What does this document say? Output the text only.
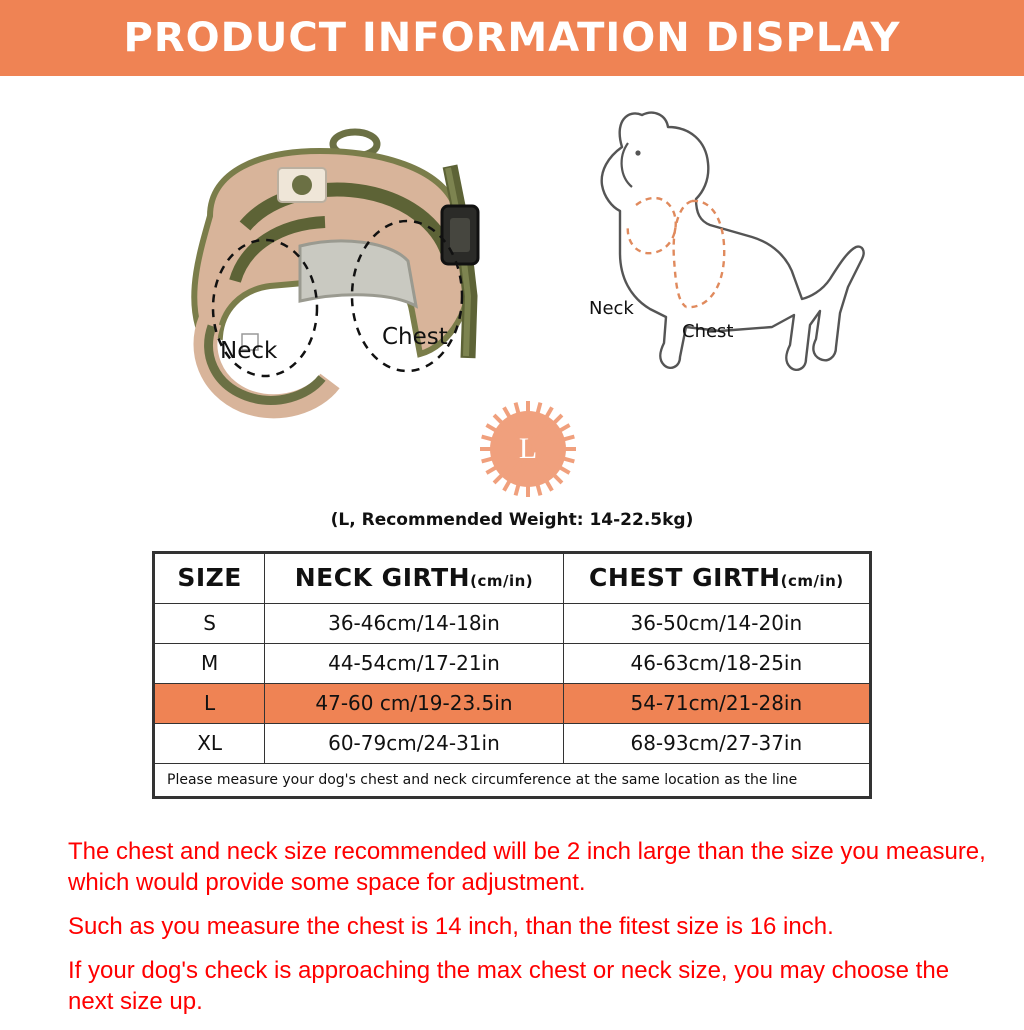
PRODUCT INFORMATION DISPLAY
Neck
Chest
Neck
Chest
L
(L, Recommended Weight: 14-22.5kg)
SIZE	NECK GIRTH(cm/in)	CHEST GIRTH(cm/in)
S	36-46cm/14-18in	36-50cm/14-20in
M	44-54cm/17-21in	46-63cm/18-25in
L	47-60 cm/19-23.5in	54-71cm/21-28in
XL	60-79cm/24-31in	68-93cm/27-37in
Please measure your dog's chest and neck circumference at the same location as the line		

The chest and neck size recommended will be 2 inch large than the size you measure, which would provide some space for adjustment.

Such as you measure the chest is 14 inch, than the fitest size is 16 inch.

If your dog's check is approaching the max chest or neck size, you may choose the next size up.
